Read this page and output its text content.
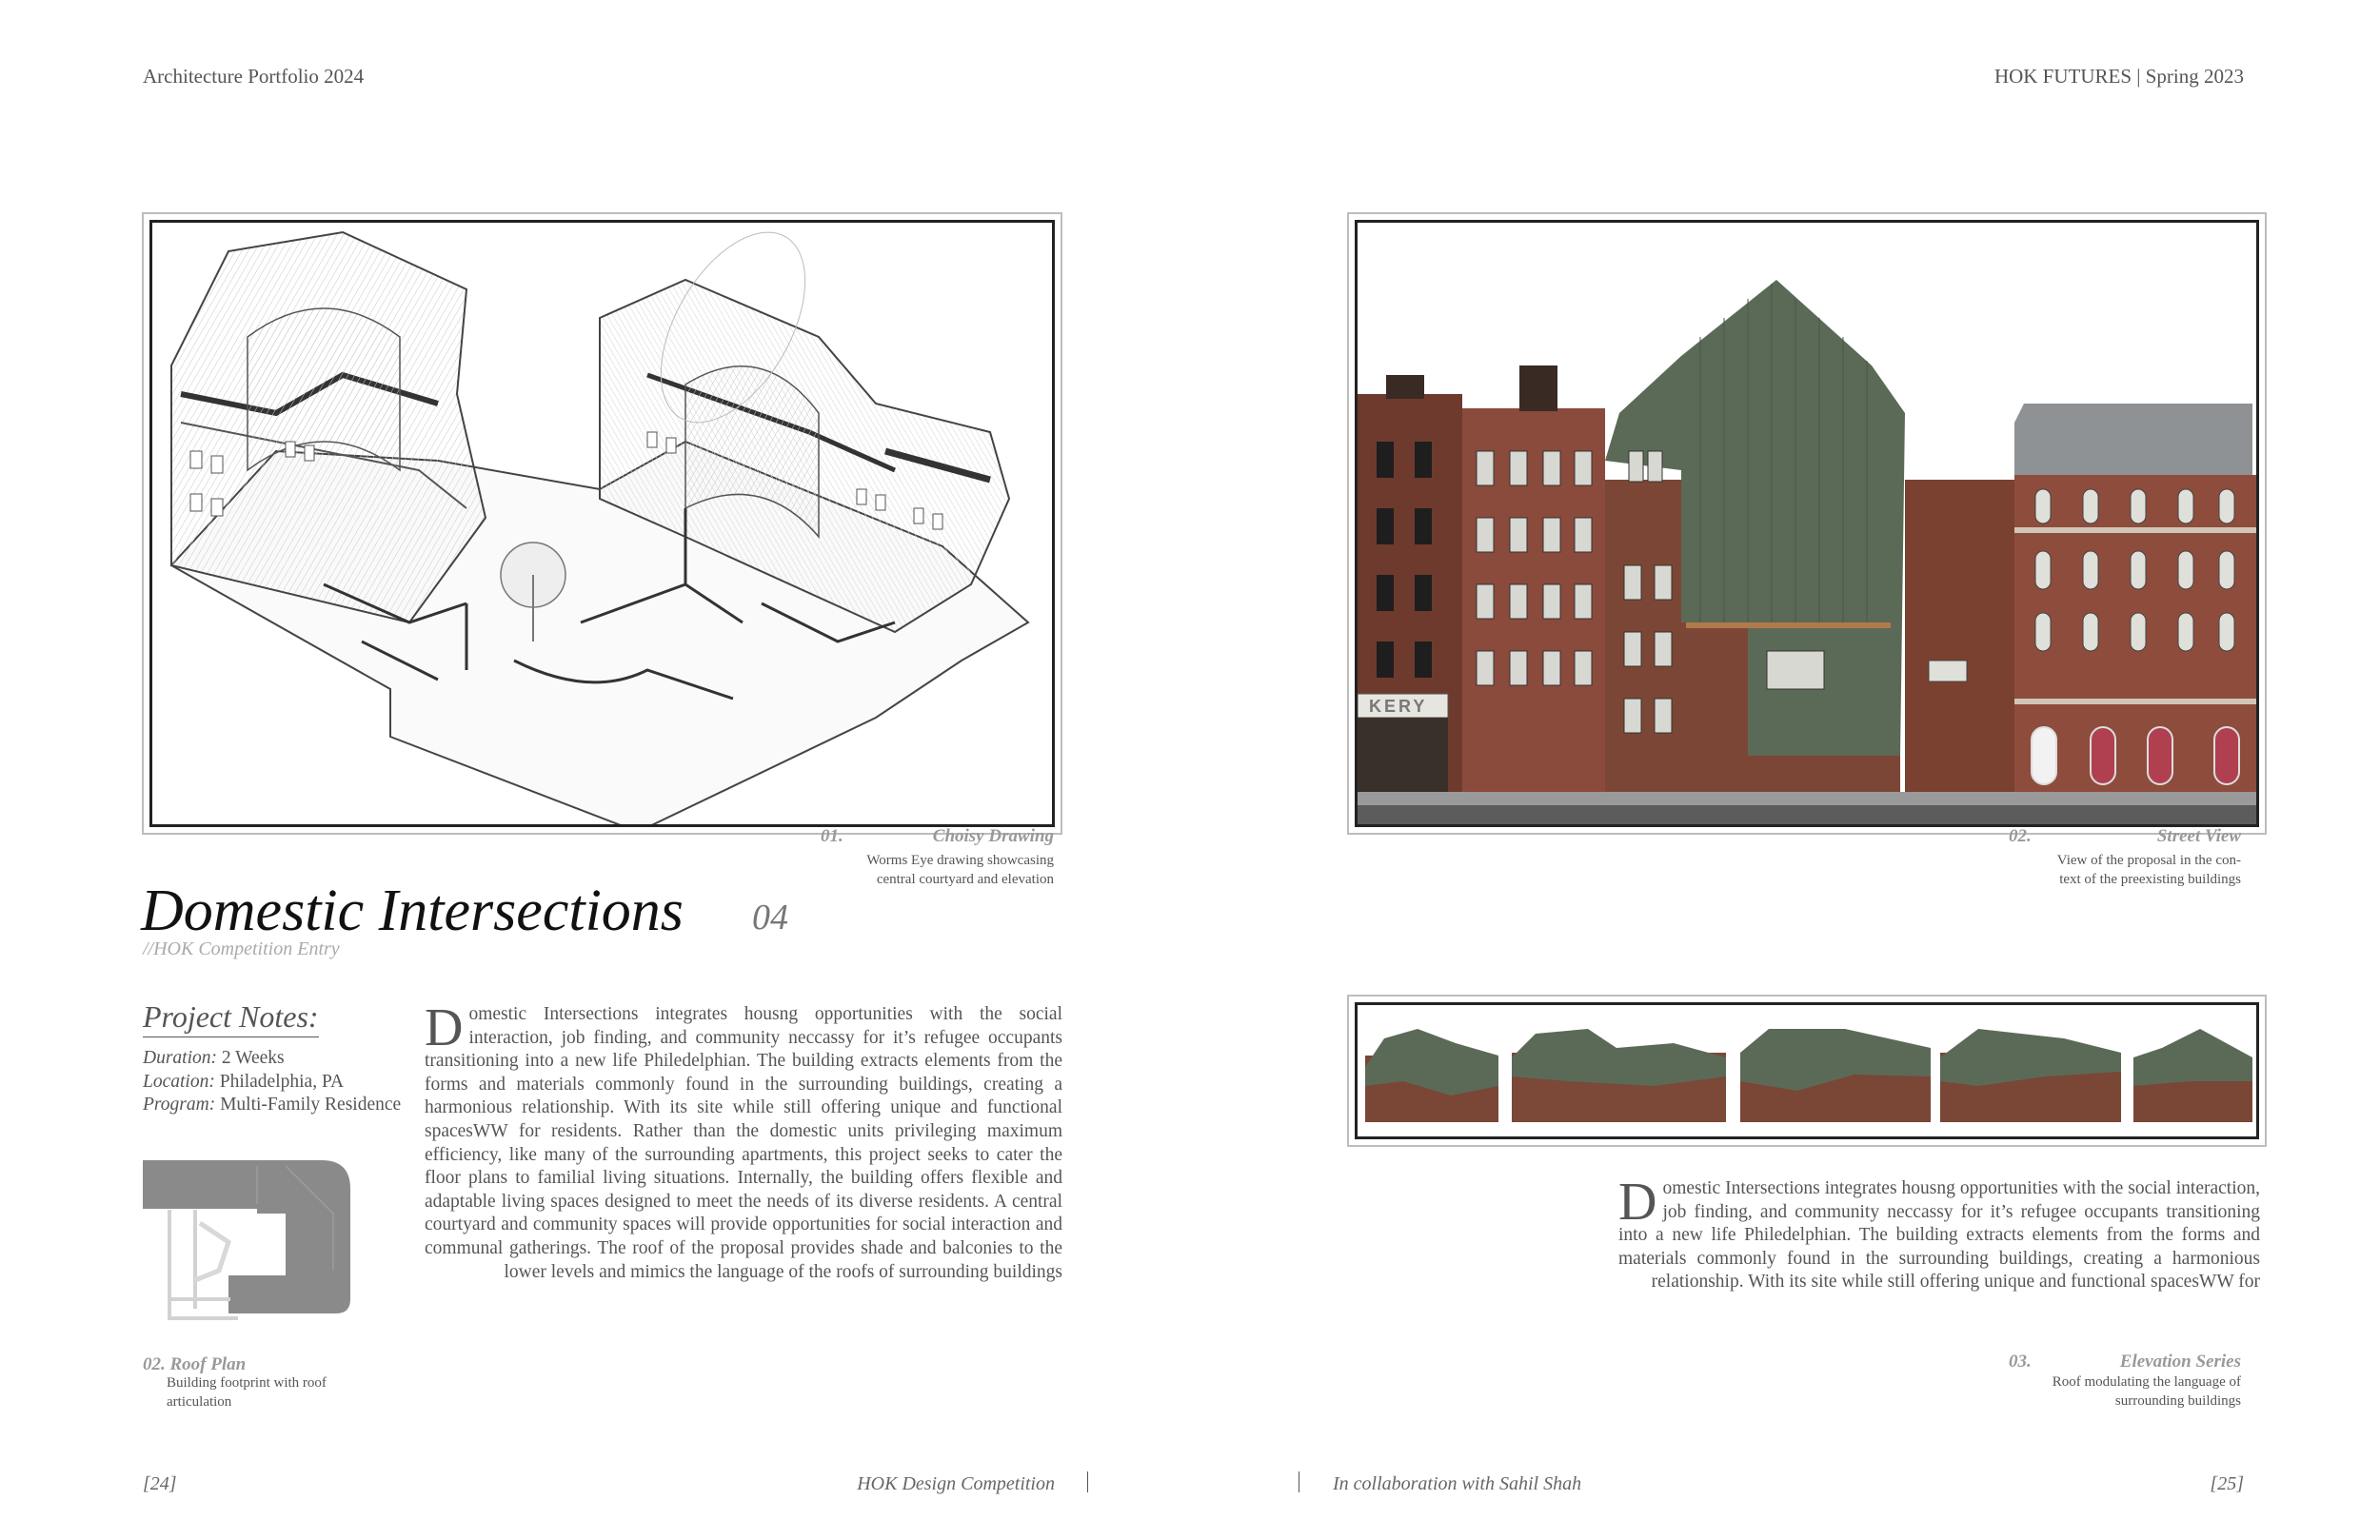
Architecture Portfolio 2024	HOK FUTURES | Spring 2023
01.	Choisy Drawing
Worms Eye drawing showcasing
central courtyard and elevation
Domestic Intersections 04
//HOK Competition Entry
Project Notes:
Duration: 2 Weeks
Location: Philadelphia, PA
Program: Multi-Family Residence
Domestic Intersections integrates housng opportunities with the social interaction, job finding, and community neccassy for it’s refugee occupants transitioning into a new life Philedelphian. The building extracts elements from the forms and materials commonly found in the surrounding buildings, creating a harmonious relationship. With its site while still offering unique and functional spacesWW for residents. Rather than the domestic units privileging maximum efficiency, like many of the surrounding apartments, this project seeks to cater the floor plans to familial living situations. Internally, the building offers flexible and adaptable living spaces designed to meet the needs of its diverse residents. A central courtyard and community spaces will provide opportunities for social interaction and communal gatherings. The roof of the proposal provides shade and balconies to the lower levels and mimics the language of the roofs of surrounding buildings
02. Roof Plan
Building footprint with roof
articulation
KERY
02.	Street View
View of the proposal in the con-
text of the preexisting buildings
Domestic Intersections integrates housng opportunities with the social interaction, job finding, and community neccassy for it’s refugee occupants transitioning into a new life Philedelphian. The building extracts elements from the forms and materials commonly found in the surrounding buildings, creating a harmonious relationship. With its site while still offering unique and functional spacesWW for
03.	Elevation Series
Roof modulating the language of
surrounding buildings
[24]	HOK Design Competition	In collaboration with Sahil Shah	[25]
